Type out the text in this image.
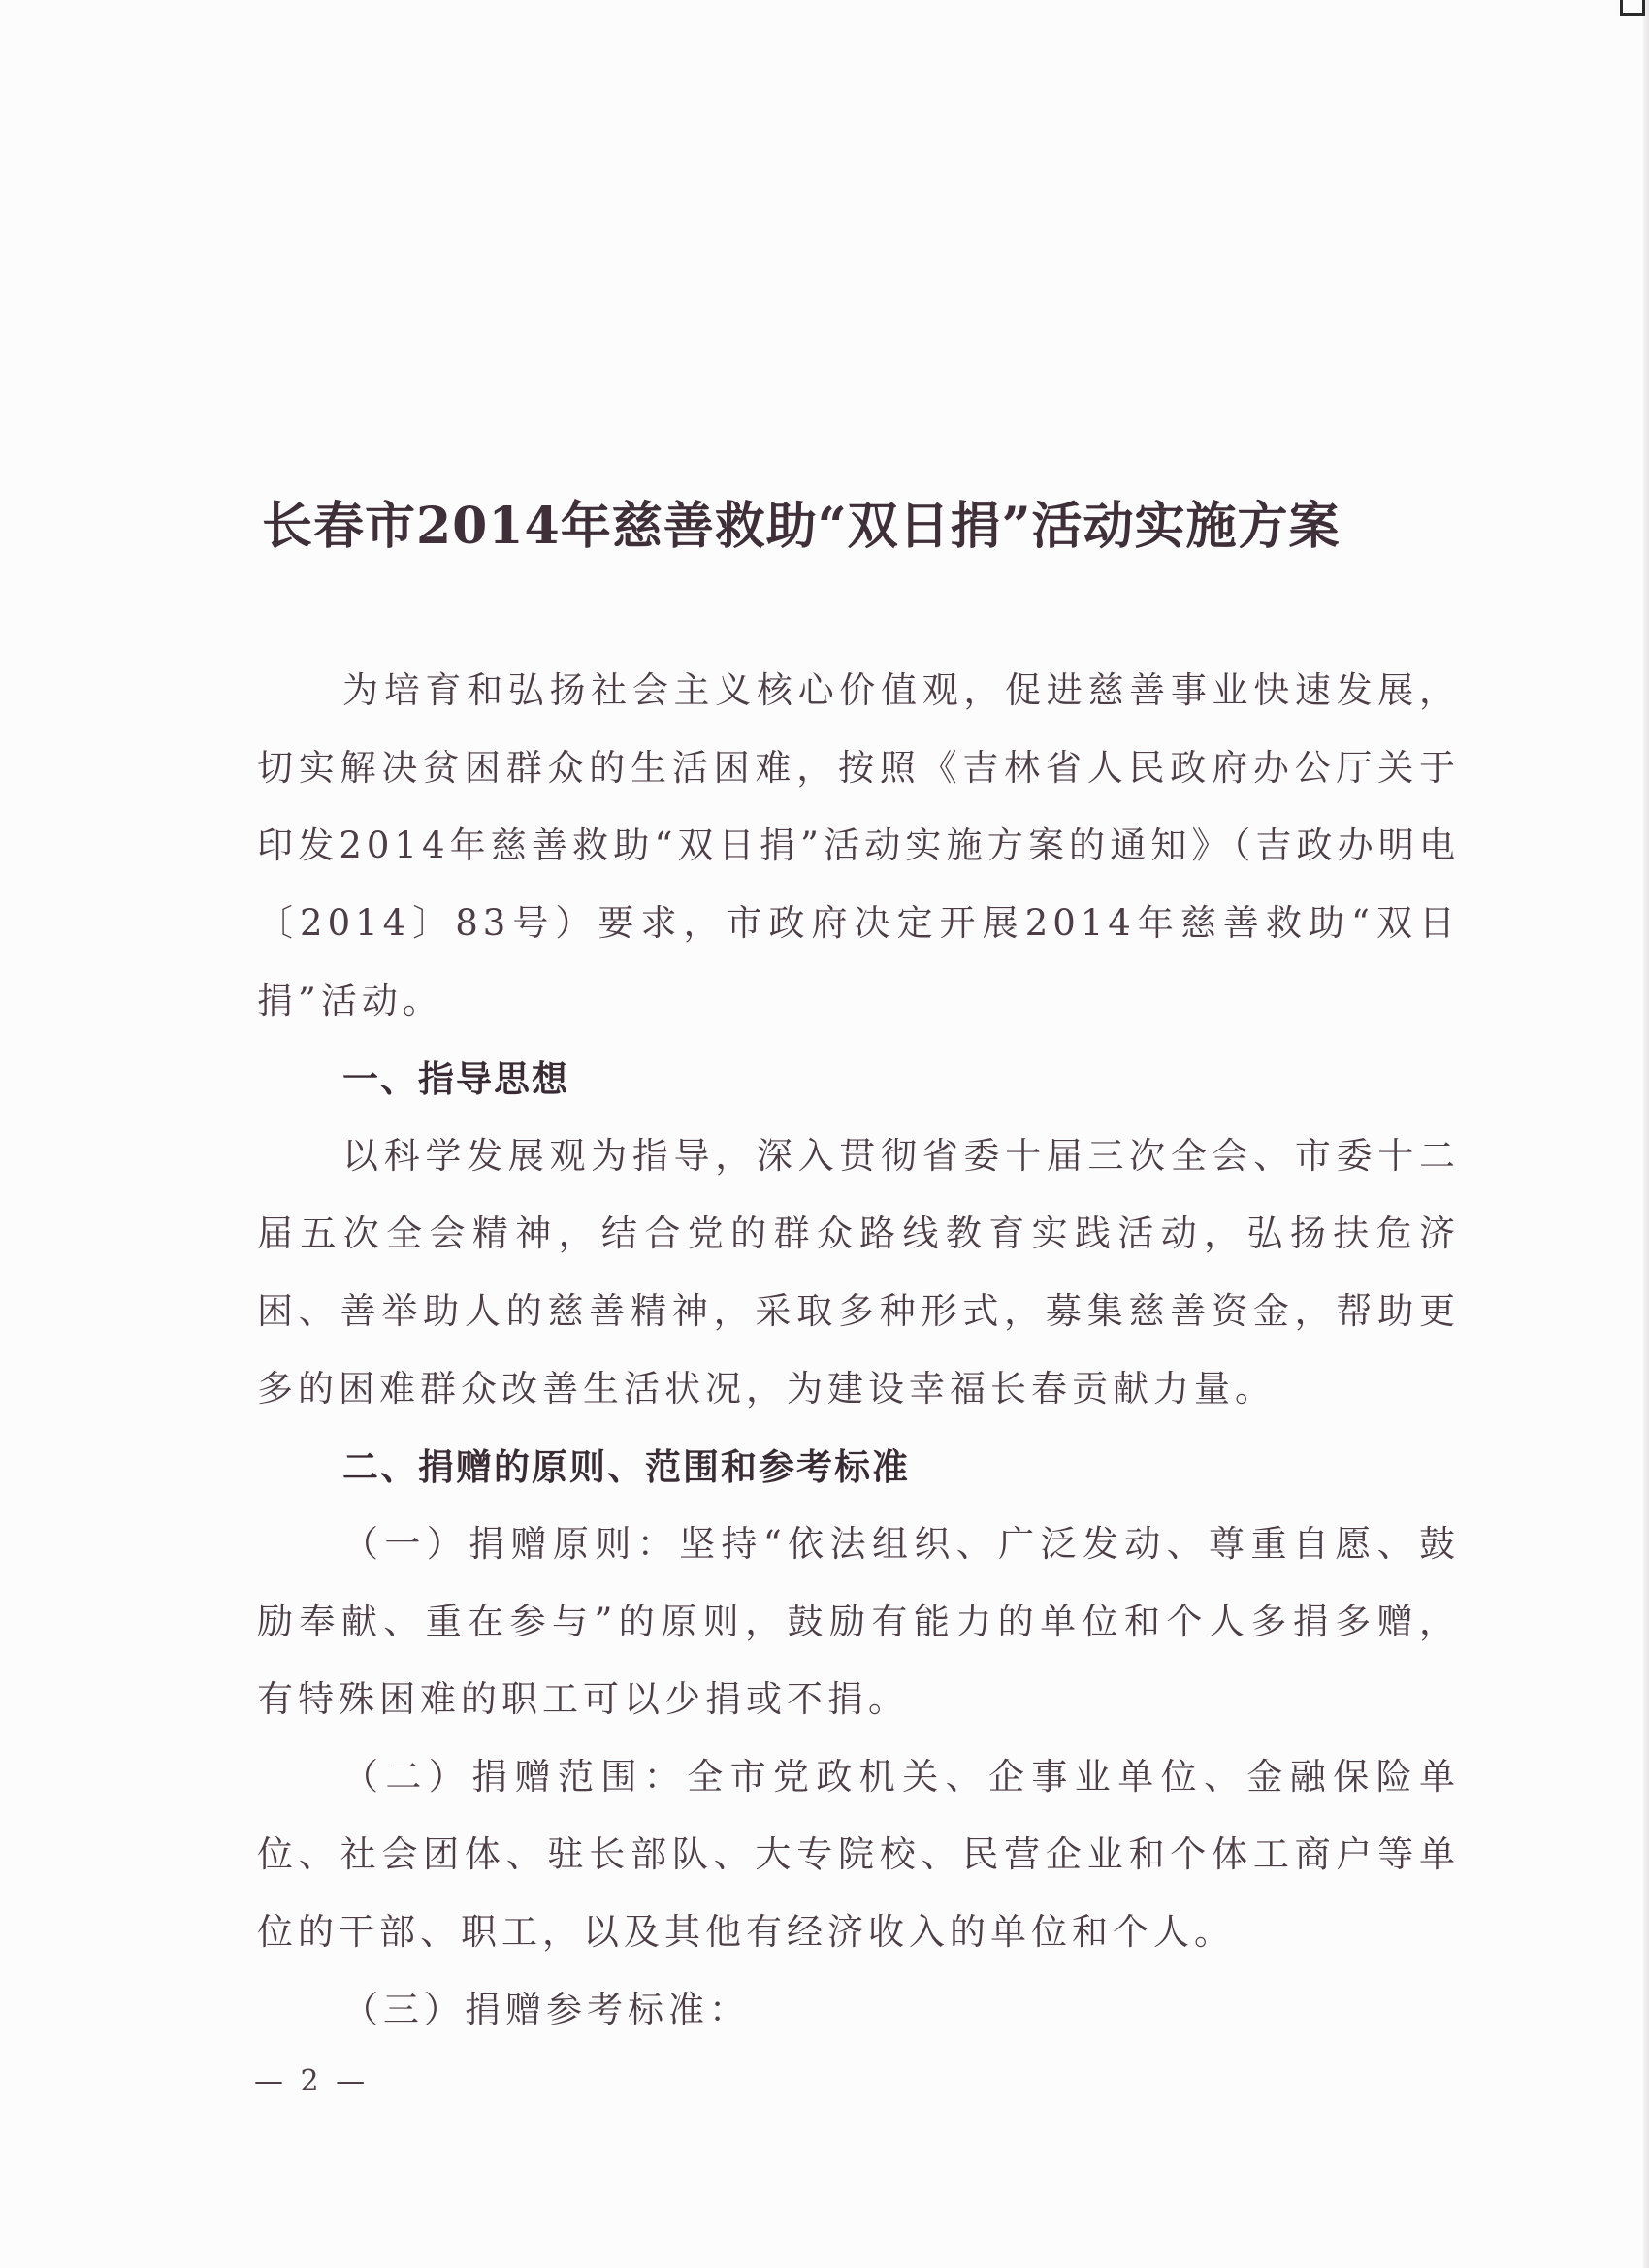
长春市2014年慈善救助“双日捐”活动实施方案

为培育和弘扬社会主义核心价值观，促进慈善事业快速发展，切实解决贫困群众的生活困难，按照《吉林省人民政府办公厅关于印发2014年慈善救助“双日捐”活动实施方案的通知》（吉政办明电〔2014〕83号）要求，市政府决定开展2014年慈善救助“双日捐”活动。

一、指导思想

以科学发展观为指导，深入贯彻省委十届三次全会、市委十二届五次全会精神，结合党的群众路线教育实践活动，弘扬扶危济困、善举助人的慈善精神，采取多种形式，募集慈善资金，帮助更多的困难群众改善生活状况，为建设幸福长春贡献力量。

二、捐赠的原则、范围和参考标准

（一）捐赠原则：坚持“依法组织、广泛发动、尊重自愿、鼓励奉献、重在参与”的原则，鼓励有能力的单位和个人多捐多赠，有特殊困难的职工可以少捐或不捐。

（二）捐赠范围：全市党政机关、企事业单位、金融保险单位、社会团体、驻长部队、大专院校、民营企业和个体工商户等单位的干部、职工，以及其他有经济收入的单位和个人。

（三）捐赠参考标准：

— 2 —
